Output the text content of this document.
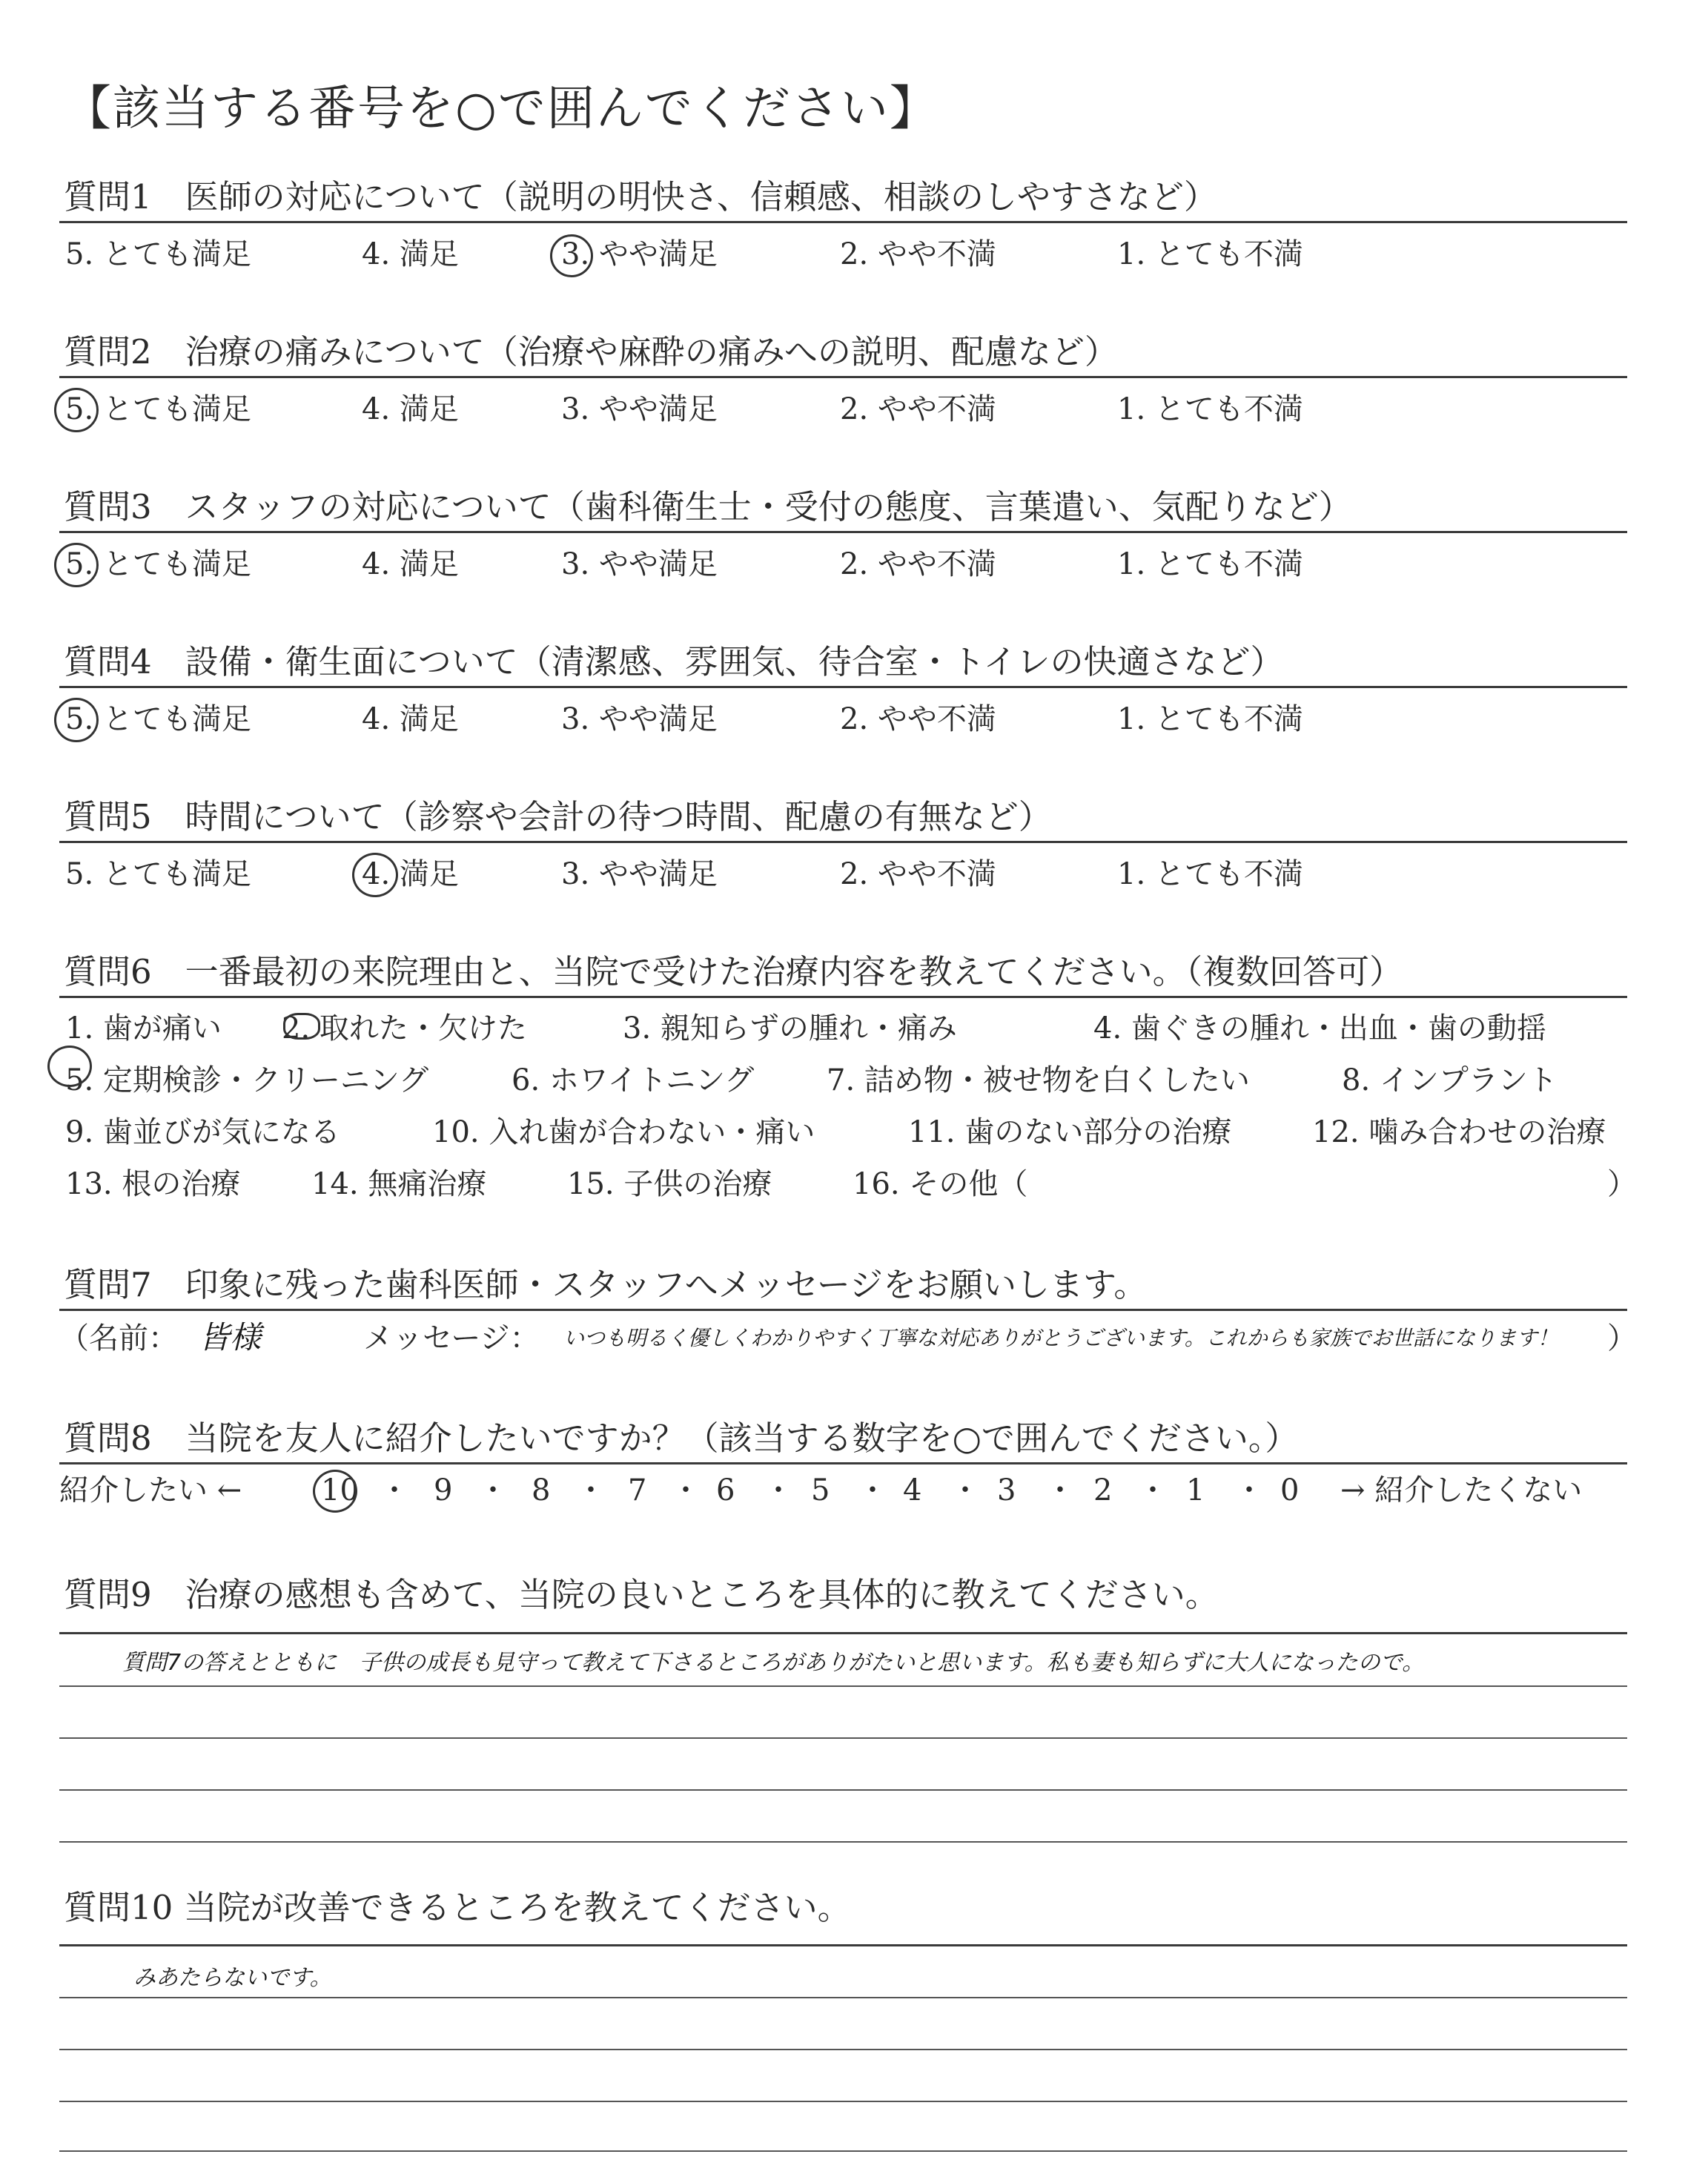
【該当する番号を○で囲んでください】
質問1　医師の対応について（説明の明快さ、信頼感、相談のしやすさなど）
5. とても満足	4. 満足	3. やや満足	2. やや不満	1. とても不満
質問2　治療の痛みについて（治療や麻酔の痛みへの説明、配慮など）
5. とても満足	4. 満足	3. やや満足	2. やや不満	1. とても不満
質問3　スタッフの対応について（歯科衛生士・受付の態度、言葉遣い、気配りなど）
5. とても満足	4. 満足	3. やや満足	2. やや不満	1. とても不満
質問4　設備・衛生面について（清潔感、雰囲気、待合室・トイレの快適さなど）
5. とても満足	4. 満足	3. やや満足	2. やや不満	1. とても不満
質問5　時間について（診察や会計の待つ時間、配慮の有無など）
5. とても満足	4. 満足	3. やや満足	2. やや不満	1. とても不満
質問6　一番最初の来院理由と、当院で受けた治療内容を教えてください。（複数回答可）
1. 歯が痛い 2. 取れた・欠けた	3. 親知らずの腫れ・痛み	4. 歯ぐきの腫れ・出血・歯の動揺
5. 定期検診・クリーニング	6. ホワイトニング 7. 詰め物・被せ物を白くしたい	8. インプラント
9. 歯並びが気になる	10. 入れ歯が合わない・痛い	11. 歯のない部分の治療	12. 噛み合わせの治療
13. 根の治療 14. 無痛治療	15. 子供の治療	16. その他（	）
質問7　印象に残った歯科医師・スタッフへメッセージをお願いします。
（名前： 皆様	メッセージ： いつも明るく優しくわかりやすく丁寧な対応ありがとうございます。これからも家族でお世話になります！ ）
質問8　当院を友人に紹介したいですか？（該当する数字を○で囲んでください。）
紹介したい ←	10 ・ 9 ・ 8 ・ 7 ・ 6 ・ 5 ・ 4 ・ 3 ・ 2 ・ 1 ・ 0 → 紹介したくない
質問9　治療の感想も含めて、当院の良いところを具体的に教えてください。
質問7の答えとともに　子供の成長も見守って教えて下さるところがありがたいと思います。私も妻も知らずに大人になったので。
質問10 当院が改善できるところを教えてください。
みあたらないです。
